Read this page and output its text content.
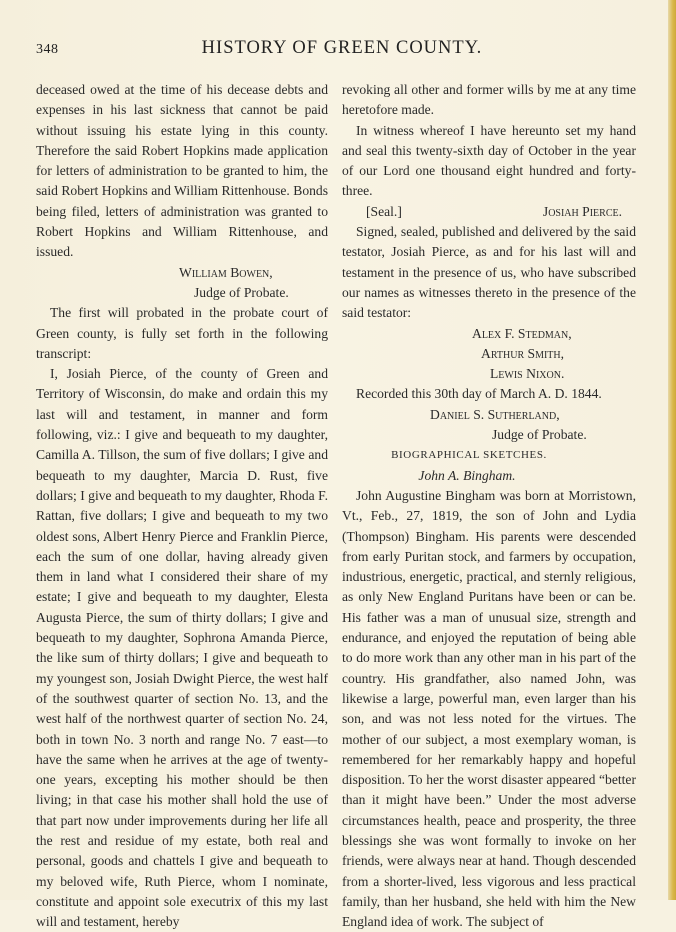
348	HISTORY OF GREEN COUNTY.

deceased owed at the time of his decease debts and expenses in his last sickness that cannot be paid without issuing his estate lying in this county. Therefore the said Robert Hopkins made application for letters of administration to be granted to him, the said Robert Hopkins and William Rittenhouse. Bonds being filed, letters of administration was granted to Robert Hopkins and William Rittenhouse, and issued.

William Bowen,

Judge of Probate.

The first will probated in the probate court of Green county, is fully set forth in the following transcript:

I, Josiah Pierce, of the county of Green and Territory of Wisconsin, do make and ordain this my last will and testament, in manner and form following, viz.: I give and bequeath to my daughter, Camilla A. Tillson, the sum of five dollars; I give and bequeath to my daughter, Marcia D. Rust, five dollars; I give and bequeath to my daughter, Rhoda F. Rattan, five dollars; I give and bequeath to my two oldest sons, Albert Henry Pierce and Franklin Pierce, each the sum of one dollar, having already given them in land what I considered their share of my estate; I give and bequeath to my daughter, Elesta Augusta Pierce, the sum of thirty dollars; I give and bequeath to my daughter, Sophrona Amanda Pierce, the like sum of thirty dollars; I give and bequeath to my youngest son, Josiah Dwight Pierce, the west half of the southwest quarter of section No. 13, and the west half of the northwest quarter of section No. 24, both in town No. 3 north and range No. 7 east—to have the same when he arrives at the age of twenty-one years, excepting his mother should be then living; in that case his mother shall hold the use of that part now under improvements during her life all the rest and residue of my estate, both real and personal, goods and chattels I give and bequeath to my beloved wife, Ruth Pierce, whom I nominate, constitute and appoint sole executrix of this my last will and testament, hereby

revoking all other and former wills by me at any time heretofore made.

In witness whereof I have hereunto set my hand and seal this twenty-sixth day of October in the year of our Lord one thousand eight hundred and forty-three.

[Seal.]	Josiah Pierce.

Signed, sealed, published and delivered by the said testator, Josiah Pierce, as and for his last will and testament in the presence of us, who have subscribed our names as witnesses thereto in the presence of the said testator:

Alex F. Stedman,

Arthur Smith,

Lewis Nixon.

Recorded this 30th day of March A. D. 1844.

Daniel S. Sutherland,

Judge of Probate.

BIOGRAPHICAL SKETCHES.

John A. Bingham.

John Augustine Bingham was born at Morristown, Vt., Feb., 27, 1819, the son of John and Lydia (Thompson) Bingham. His parents were descended from early Puritan stock, and farmers by occupation, industrious, energetic, practical, and sternly religious, as only New England Puritans have been or can be. His father was a man of unusual size, strength and endurance, and enjoyed the reputation of being able to do more work than any other man in his part of the country. His grandfather, also named John, was likewise a large, powerful man, even larger than his son, and was not less noted for the virtues. The mother of our subject, a most exemplary woman, is remembered for her remarkably happy and hopeful disposition. To her the worst disaster appeared “better than it might have been.” Under the most adverse circumstances health, peace and prosperity, the three blessings she was wont formally to invoke on her friends, were always near at hand. Though descended from a shorter-lived, less vigorous and less practical family, than her husband, she held with him the New England idea of work. The subject of
